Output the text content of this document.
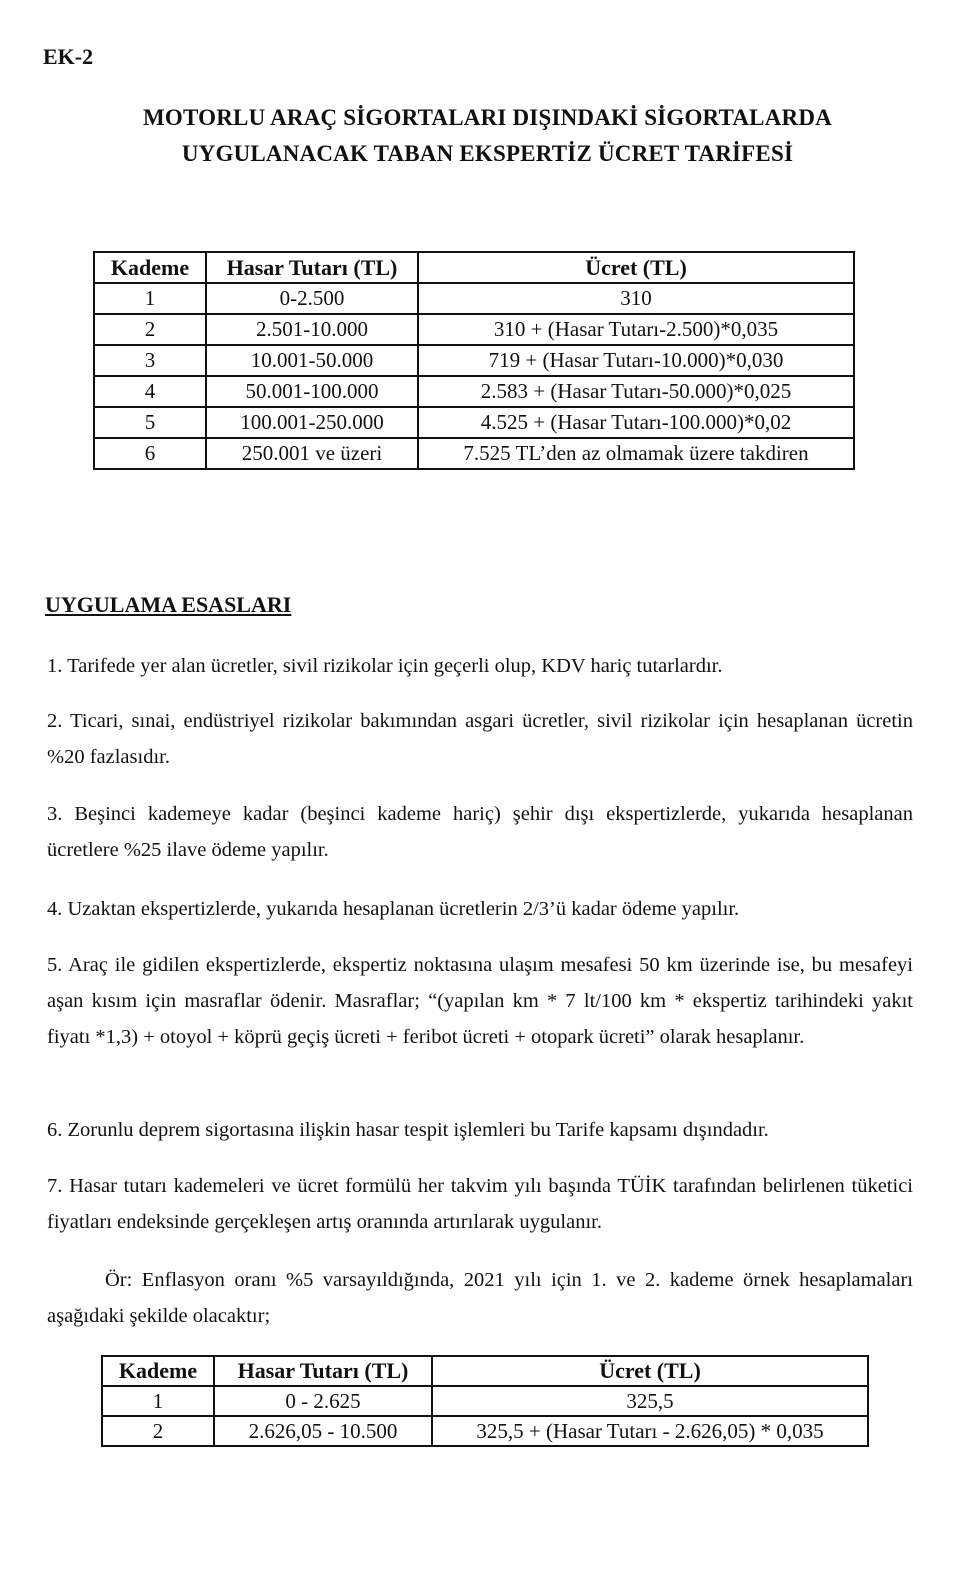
EK-2
MOTORLU ARAÇ SİGORTALARI DIŞINDAKİ SİGORTALARDA
UYGULANACAK TABAN EKSPERTİZ ÜCRET TARİFESİ
Kademe	Hasar Tutarı (TL)	Ücret (TL)
1	0-2.500	310
2	2.501-10.000	310 + (Hasar Tutarı-2.500)*0,035
3	10.001-50.000	719 + (Hasar Tutarı-10.000)*0,030
4	50.001-100.000	2.583 + (Hasar Tutarı-50.000)*0,025
5	100.001-250.000	4.525 + (Hasar Tutarı-100.000)*0,02
6	250.001 ve üzeri	7.525 TL’den az olmamak üzere takdiren
UYGULAMA ESASLARI
1. Tarifede yer alan ücretler, sivil rizikolar için geçerli olup, KDV hariç tutarlardır.
2. Ticari, sınai, endüstriyel rizikolar bakımından asgari ücretler, sivil rizikolar için hesaplanan ücretin %20 fazlasıdır.
3. Beşinci kademeye kadar (beşinci kademe hariç) şehir dışı ekspertizlerde, yukarıda hesaplanan ücretlere %25 ilave ödeme yapılır.
4. Uzaktan ekspertizlerde, yukarıda hesaplanan ücretlerin 2/3’ü kadar ödeme yapılır.
5. Araç ile gidilen ekspertizlerde, ekspertiz noktasına ulaşım mesafesi 50 km üzerinde ise, bu mesafeyi aşan kısım için masraflar ödenir. Masraflar; “(yapılan km * 7 lt/100 km * ekspertiz tarihindeki yakıt fiyatı *1,3) + otoyol + köprü geçiş ücreti + feribot ücreti + otopark ücreti” olarak hesaplanır.
6. Zorunlu deprem sigortasına ilişkin hasar tespit işlemleri bu Tarife kapsamı dışındadır.
7. Hasar tutarı kademeleri ve ücret formülü her takvim yılı başında TÜİK tarafından belirlenen tüketici fiyatları endeksinde gerçekleşen artış oranında artırılarak uygulanır.
Ör: Enflasyon oranı %5 varsayıldığında, 2021 yılı için 1. ve 2. kademe örnek hesaplamaları aşağıdaki şekilde olacaktır;
Kademe	Hasar Tutarı (TL)	Ücret (TL)
1	0 - 2.625	325,5
2	2.626,05 - 10.500	325,5 + (Hasar Tutarı - 2.626,05) * 0,035
